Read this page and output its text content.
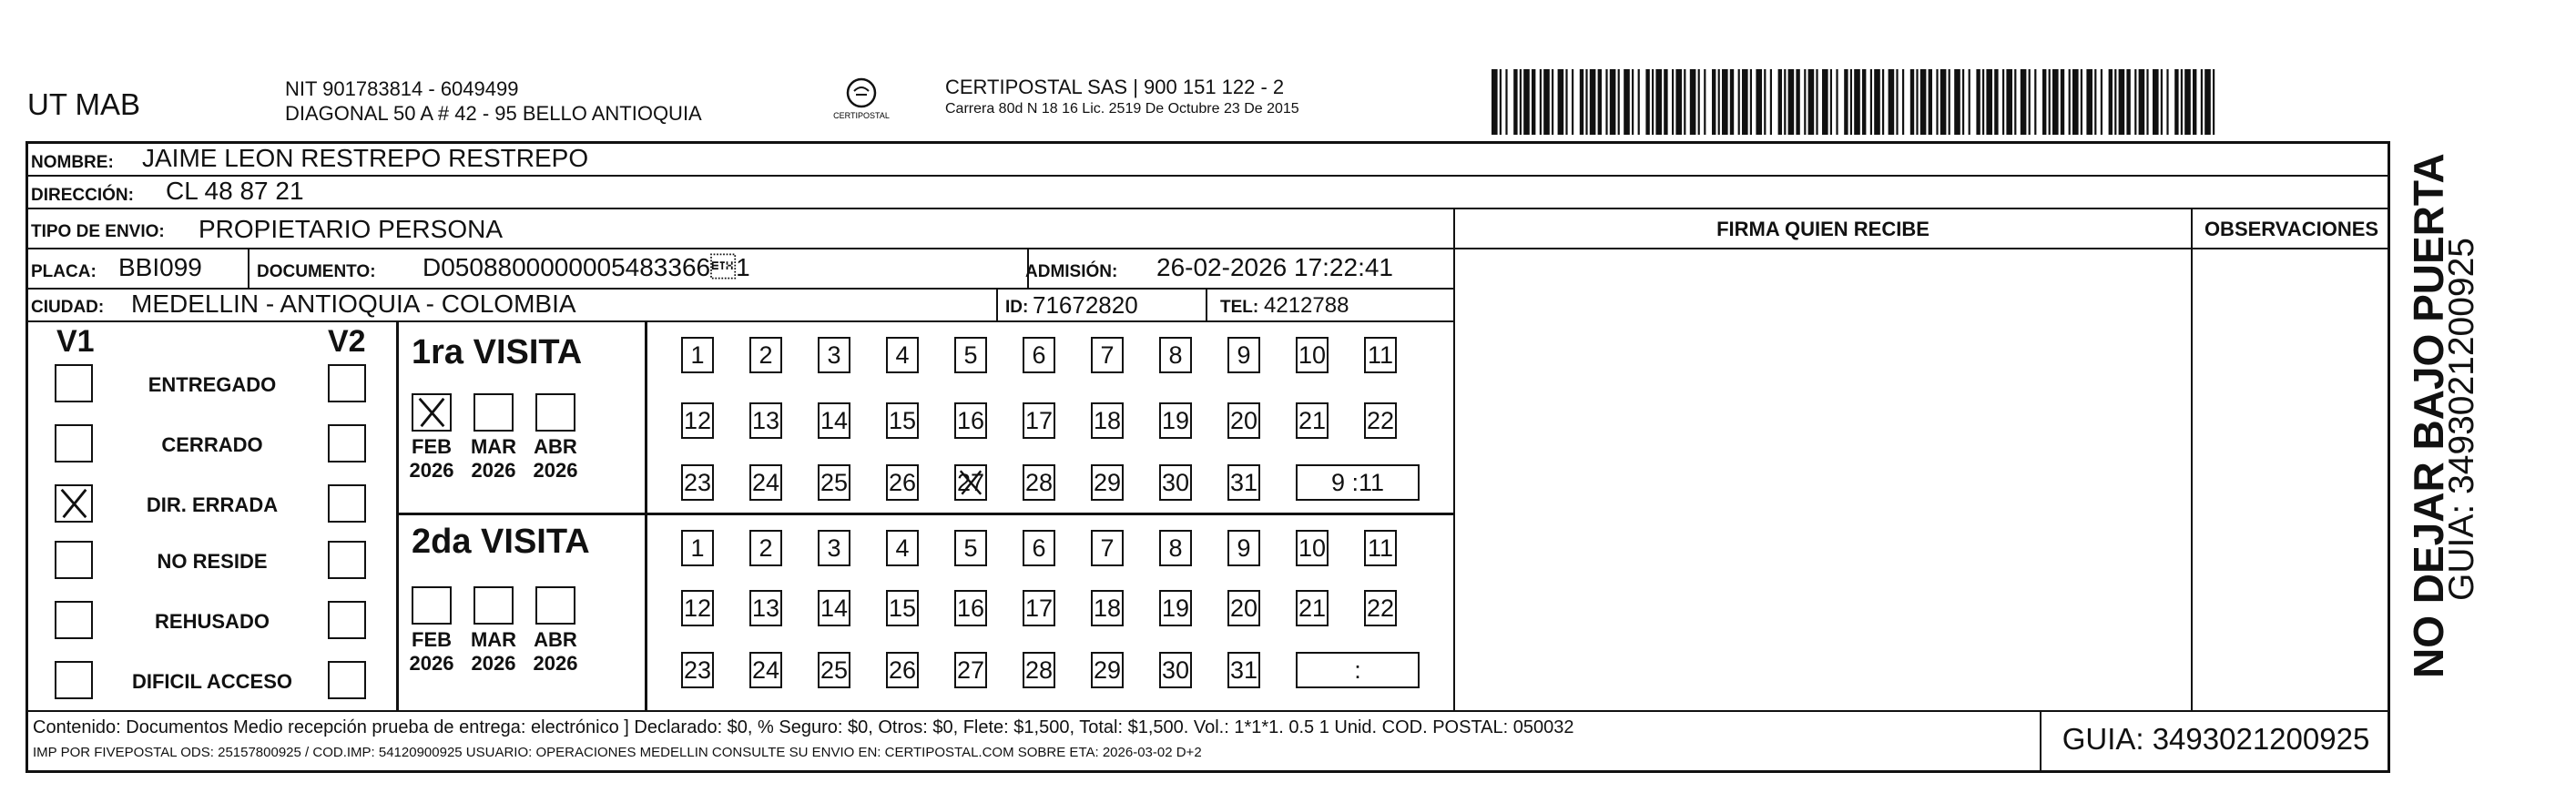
UT MAB	NIT 901783814 - 6049499
DIAGONAL 50 A # 42 - 95 BELLO ANTIOQUIA	CERTIPOSTAL
CERTIPOSTAL SAS | 900 151 122 - 2
Carrera 80d N 18 16 Lic. 2519 De Octubre 23 De 2015
NOMBRE: JAIME LEON RESTREPO RESTREPO
DIRECCIÓN: CL 48 87 21
TIPO DE ENVIO: PROPIETARIO PERSONA	FIRMA QUIEN RECIBE	OBSERVACIONES
PLACA: BBI099	DOCUMENTO: D05088000000054833661	ADMISIÓN: 26-02-2026 17:22:41
CIUDAD: MEDELLIN - ANTIOQUIA - COLOMBIA	ID: 71672820	TEL: 4212788
V1	V2
ENTREGADO
CERRADO
DIR. ERRADA
NO RESIDE
REHUSADO
DIFICIL ACCESO
1ra VISITA
FEB
2026
MAR
2026
ABR
2026
1	2	3	4	5	6	7	8	9	10 11
12 13 14 15 16 17 18 19 20 21 22
23 24 25 26 27 28 29 30 31	9 :11
2da VISITA
FEB
2026
MAR
2026
ABR
2026
1	2	3	4	5	6	7	8	9	10 11
12 13 14 15 16 17 18 19 20 21 22
23 24 25 26 27 28 29 30 31	:
Contenido: Documentos Medio recepción prueba de entrega: electrónico ] Declarado: $0, % Seguro: $0, Otros: $0, Flete: $1,500, Total: $1,500. Vol.: 1*1*1. 0.5 1 Unid. COD. POSTAL: 050032
IMP POR FIVEPOSTAL ODS: 25157800925 / COD.IMP: 54120900925 USUARIO: OPERACIONES MEDELLIN CONSULTE SU ENVIO EN: CERTIPOSTAL.COM SOBRE ETA: 2026-03-02 D+2	GUIA: 3493021200925
NO DEJAR BAJO PUERTA
GUIA: 3493021200925
